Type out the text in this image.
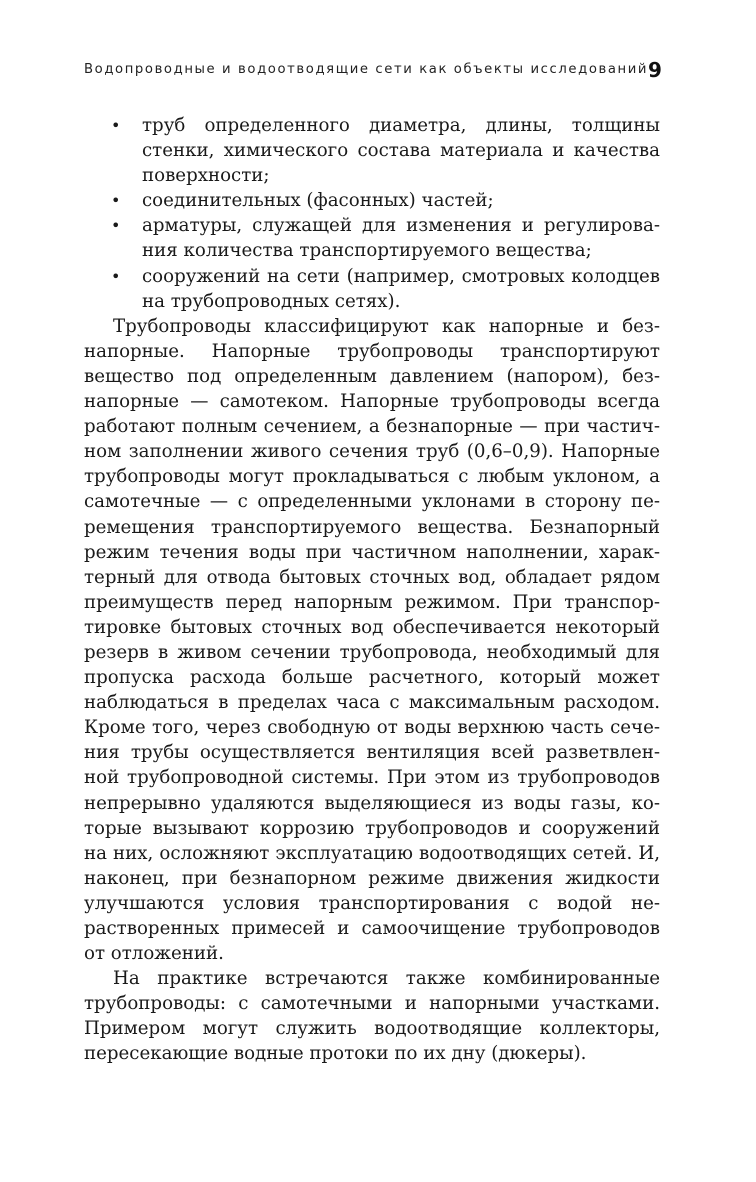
Водопроводные и водоотводящие сети как объекты исследований 9
• труб определенного диаметра, длины, толщины стенки, химического состава материала и качества поверхности;
• соединительных (фасонных) частей;
• арматуры, служащей для изменения и регулирования количества транспортируемого вещества;
• сооружений на сети (например, смотровых колодцев на трубопроводных сетях).

Трубопроводы классифицируют как напорные и безнапорные. Напорные трубопроводы транспортируют вещество под определенным давлением (напором), безнапорные — самотеком. Напорные трубопроводы всегда работают полным сечением, а безнапорные — при частичном заполнении живого сечения труб (0,6–0,9). Напорные трубопроводы могут прокладываться с любым уклоном, а самотечные — с определенными уклонами в сторону перемещения транспортируемого вещества. Безнапорный режим течения воды при частичном наполнении, характерный для отвода бытовых сточных вод, обладает рядом преимуществ перед напорным режимом. При транспортировке бытовых сточных вод обеспечивается некоторый резерв в живом сечении трубопровода, необходимый для пропуска расхода больше расчетного, который может наблюдаться в пределах часа с максимальным расходом. Кроме того, через свободную от воды верхнюю часть сечения трубы осуществляется вентиляция всей разветвленной трубопроводной системы. При этом из трубопроводов непрерывно удаляются выделяющиеся из воды газы, которые вызывают коррозию трубопроводов и сооружений на них, осложняют эксплуатацию водоотводящих сетей. И, наконец, при безнапорном режиме движения жидкости улучшаются условия транспортирования с водой нерастворенных примесей и самоочищение трубопроводов от отложений.

На практике встречаются также комбинированные трубопроводы: с самотечными и напорными участками. Примером могут служить водоотводящие коллекторы, пересекающие водные протоки по их дну (дюкеры).
